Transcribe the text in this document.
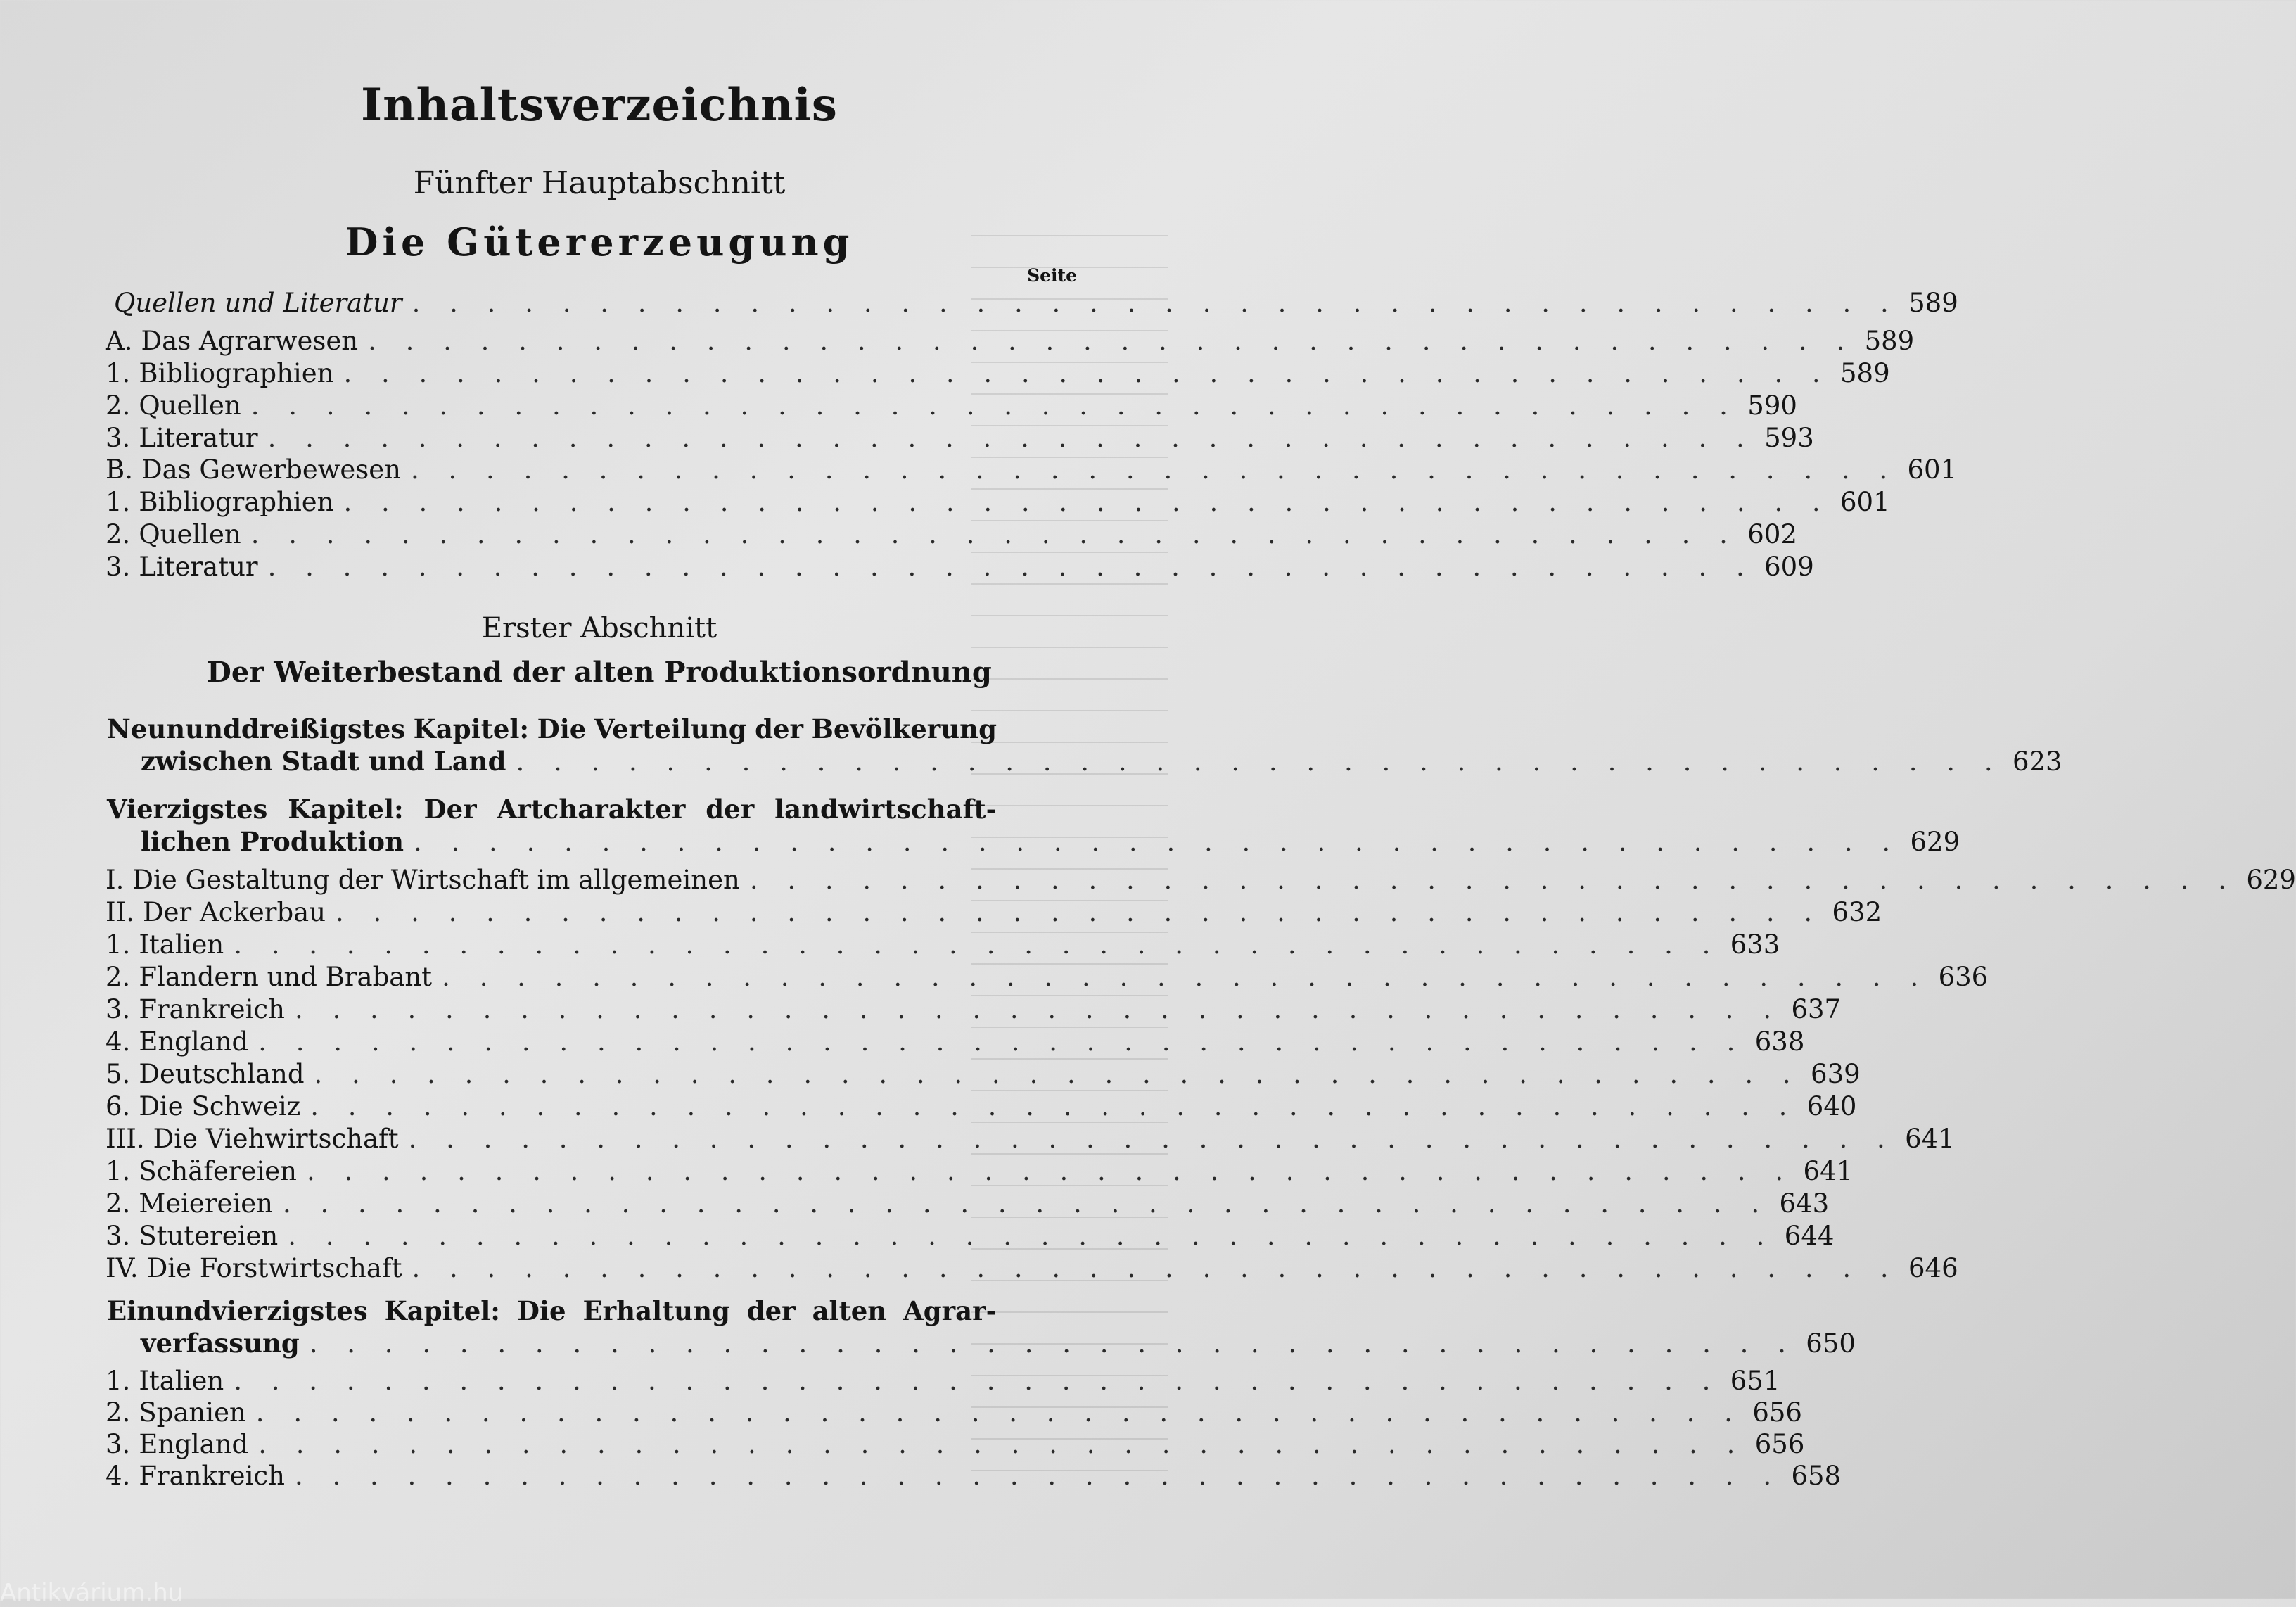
Inhaltsverzeichnis
Fünfter Hauptabschnitt
Die Gütererzeugung
Seite
Quellen und Literatur . . . . . . . . . . . . . . . . . . . . . . . . . . . . . . . . . . . . . . . . 589
A. Das Agrarwesen . . . . . . . . . . . . . . . . . . . . . . . . . . . . . . . . . . . . . . . . 589
1. Bibliographien . . . . . . . . . . . . . . . . . . . . . . . . . . . . . . . . . . . . . . . . 589
2. Quellen . . . . . . . . . . . . . . . . . . . . . . . . . . . . . . . . . . . . . . . . 590
3. Literatur . . . . . . . . . . . . . . . . . . . . . . . . . . . . . . . . . . . . . . . . 593
B. Das Gewerbewesen . . . . . . . . . . . . . . . . . . . . . . . . . . . . . . . . . . . . . . . . 601
1. Bibliographien . . . . . . . . . . . . . . . . . . . . . . . . . . . . . . . . . . . . . . . . 601
2. Quellen . . . . . . . . . . . . . . . . . . . . . . . . . . . . . . . . . . . . . . . . 602
3. Literatur . . . . . . . . . . . . . . . . . . . . . . . . . . . . . . . . . . . . . . . . 609
Erster Abschnitt
Der Weiterbestand der alten Produktionsordnung
Neununddreißigstes Kapitel: Die Verteilung der Bevölkerung
zwischen Stadt und Land . . . . . . . . . . . . . . . . . . . . . . . . . . . . . . . . . . . . . . . . 623
Vierzigstes Kapitel: Der Artcharakter der landwirtschaft-
lichen Produktion . . . . . . . . . . . . . . . . . . . . . . . . . . . . . . . . . . . . . . . . 629
I. Die Gestaltung der Wirtschaft im allgemeinen . . . . . . . . . . . . . . . . . . . . . . . . . . . . . . . . . . . . . . . . 629
II. Der Ackerbau . . . . . . . . . . . . . . . . . . . . . . . . . . . . . . . . . . . . . . . . 632
1. Italien . . . . . . . . . . . . . . . . . . . . . . . . . . . . . . . . . . . . . . . . 633
2. Flandern und Brabant . . . . . . . . . . . . . . . . . . . . . . . . . . . . . . . . . . . . . . . . 636
3. Frankreich . . . . . . . . . . . . . . . . . . . . . . . . . . . . . . . . . . . . . . . . 637
4. England . . . . . . . . . . . . . . . . . . . . . . . . . . . . . . . . . . . . . . . . 638
5. Deutschland . . . . . . . . . . . . . . . . . . . . . . . . . . . . . . . . . . . . . . . . 639
6. Die Schweiz . . . . . . . . . . . . . . . . . . . . . . . . . . . . . . . . . . . . . . . . 640
III. Die Viehwirtschaft . . . . . . . . . . . . . . . . . . . . . . . . . . . . . . . . . . . . . . . . 641
1. Schäfereien . . . . . . . . . . . . . . . . . . . . . . . . . . . . . . . . . . . . . . . . 641
2. Meiereien . . . . . . . . . . . . . . . . . . . . . . . . . . . . . . . . . . . . . . . . 643
3. Stutereien . . . . . . . . . . . . . . . . . . . . . . . . . . . . . . . . . . . . . . . . 644
IV. Die Forstwirtschaft . . . . . . . . . . . . . . . . . . . . . . . . . . . . . . . . . . . . . . . . 646
Einundvierzigstes Kapitel: Die Erhaltung der alten Agrar-
verfassung . . . . . . . . . . . . . . . . . . . . . . . . . . . . . . . . . . . . . . . . 650
1. Italien . . . . . . . . . . . . . . . . . . . . . . . . . . . . . . . . . . . . . . . . 651
2. Spanien . . . . . . . . . . . . . . . . . . . . . . . . . . . . . . . . . . . . . . . . 656
3. England . . . . . . . . . . . . . . . . . . . . . . . . . . . . . . . . . . . . . . . . 656
4. Frankreich . . . . . . . . . . . . . . . . . . . . . . . . . . . . . . . . . . . . . . . . 658
Antikvárium.hu
